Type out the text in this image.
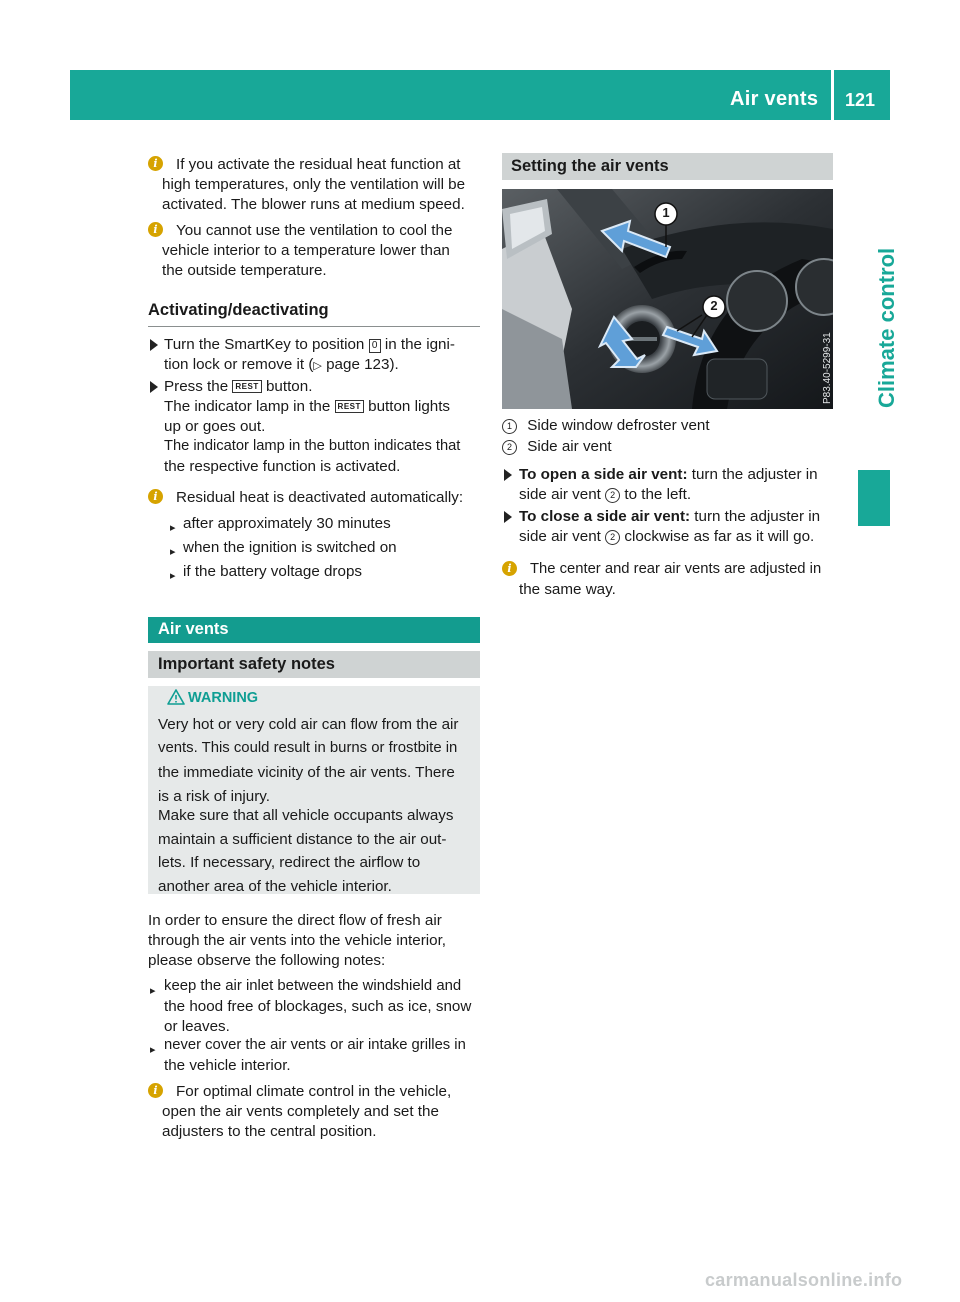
Air vents 121
Climate control
i	If you activate the residual heat function at
high temperatures, only the ventilation will be
activated. The blower runs at medium speed.
i	You cannot use the ventilation to cool the
vehicle interior to a temperature lower than
the outside temperature.
Activating/deactivating
Turn the SmartKey to position 0 in the igni-
tion lock or remove it (▷ page 123).
Press the REST button.
The indicator lamp in the REST button lights
up or goes out.
The indicator lamp in the button indicates that
the respective function is activated.
i	Residual heat is deactivated automatically:
▸
after approximately 30 minutes
▸
when the ignition is switched on
▸
if the battery voltage drops
Air vents
Important safety notes
WARNING
Very hot or very cold air can flow from the air
vents. This could result in burns or frostbite in
the immediate vicinity of the air vents. There
is a risk of injury.
Make sure that all vehicle occupants always
maintain a sufficient distance to the air out-
lets. If necessary, redirect the airflow to
another area of the vehicle interior.
In order to ensure the direct flow of fresh air
through the air vents into the vehicle interior,
please observe the following notes:
▸
keep the air inlet between the windshield and
the hood free of blockages, such as ice, snow
or leaves.
▸
never cover the air vents or air intake grilles in
the vehicle interior.
i	For optimal climate control in the vehicle,
open the air vents completely and set the
adjusters to the central position.
Setting the air vents
1
2
P83.40-5299-31
1 Side window defroster vent
2 Side air vent
To open a side air vent: turn the adjuster in
side air vent 2 to the left.
To close a side air vent: turn the adjuster in
side air vent 2 clockwise as far as it will go.
i	The center and rear air vents are adjusted in
the same way.
carmanualsonline.info
